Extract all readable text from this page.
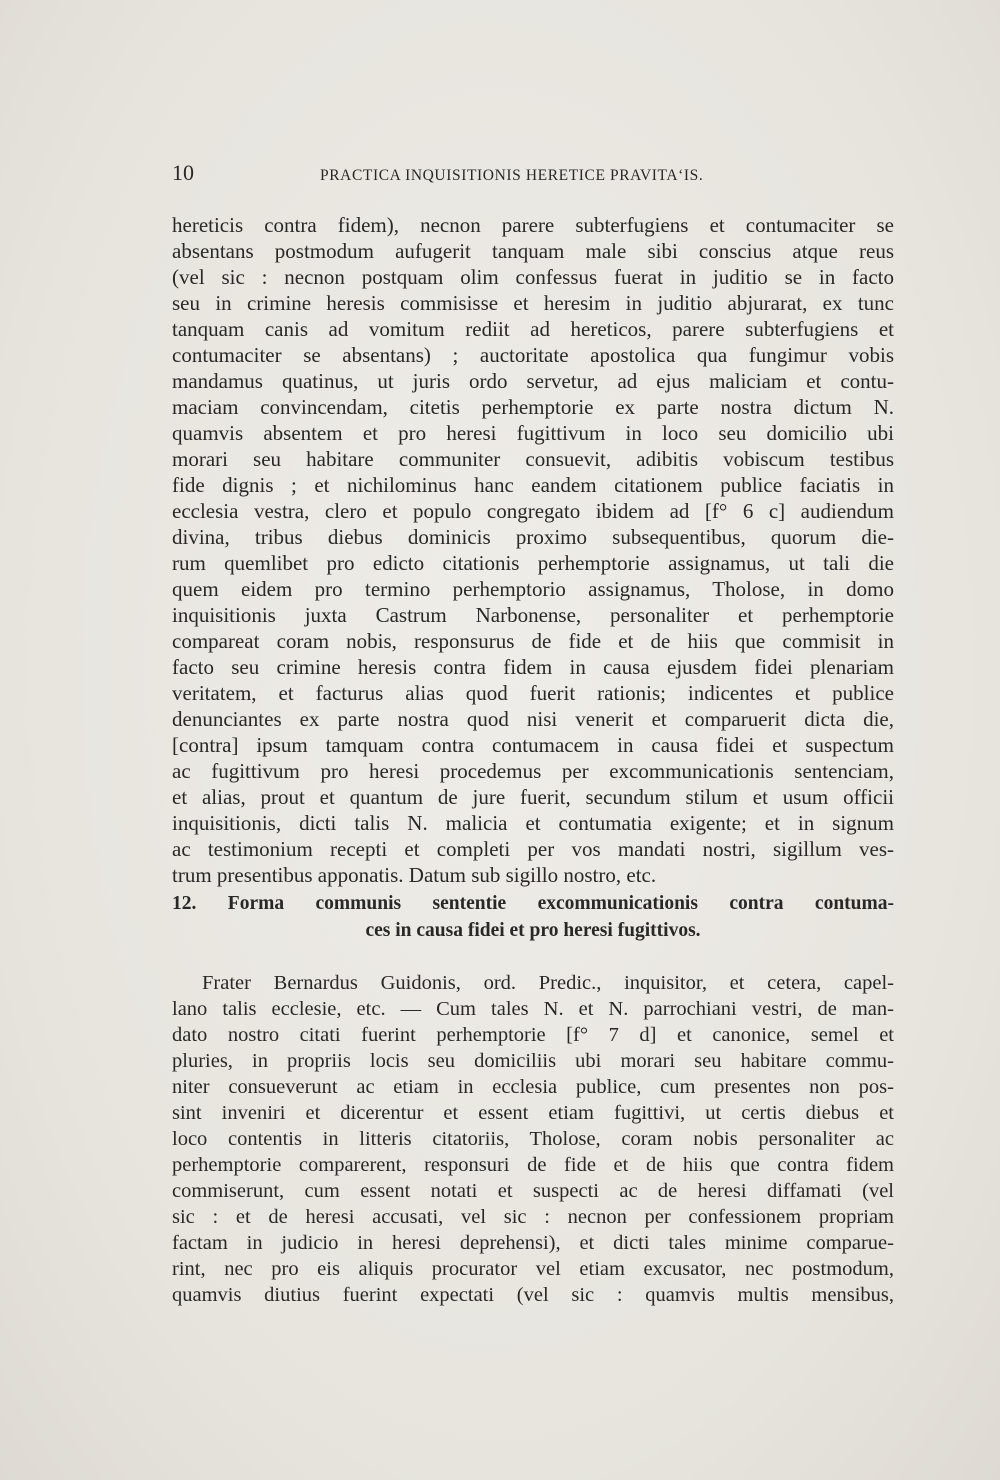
10	PRACTICA INQUISITIONIS HERETICE PRAVITAʻIS.
hereticis contra fidem), necnon parere subterfugiens et contumaciter se
absentans postmodum aufugerit tanquam male sibi conscius atque reus
(vel sic : necnon postquam olim confessus fuerat in juditio se in facto
seu in crimine heresis commisisse et heresim in juditio abjurarat, ex tunc
tanquam canis ad vomitum rediit ad hereticos, parere subterfugiens et
contumaciter se absentans) ; auctoritate apostolica qua fungimur vobis
mandamus quatinus, ut juris ordo servetur, ad ejus maliciam et contu-
maciam convincendam, citetis perhemptorie ex parte nostra dictum N.
quamvis absentem et pro heresi fugittivum in loco seu domicilio ubi
morari seu habitare communiter consuevit, adibitis vobiscum testibus
fide dignis ; et nichilominus hanc eandem citationem publice faciatis in
ecclesia vestra, clero et populo congregato ibidem ad [f° 6 c] audiendum
divina, tribus diebus dominicis proximo subsequentibus, quorum die-
rum quemlibet pro edicto citationis perhemptorie assignamus, ut tali die
quem eidem pro termino perhemptorio assignamus, Tholose, in domo
inquisitionis juxta Castrum Narbonense, personaliter et perhemptorie
compareat coram nobis, responsurus de fide et de hiis que commisit in
facto seu crimine heresis contra fidem in causa ejusdem fidei plenariam
veritatem, et facturus alias quod fuerit rationis; indicentes et publice
denunciantes ex parte nostra quod nisi venerit et comparuerit dicta die,
[contra] ipsum tamquam contra contumacem in causa fidei et suspectum
ac fugittivum pro heresi procedemus per excommunicationis sentenciam,
et alias, prout et quantum de jure fuerit, secundum stilum et usum officii
inquisitionis, dicti talis N. malicia et contumatia exigente; et in signum
ac testimonium recepti et completi per vos mandati nostri, sigillum ves-
trum presentibus apponatis. Datum sub sigillo nostro, etc.
12. Forma communis sententie excommunicationis contra contuma-
ces in causa fidei et pro heresi fugittivos.
Frater Bernardus Guidonis, ord. Predic., inquisitor, et cetera, capel-
lano talis ecclesie, etc. — Cum tales N. et N. parrochiani vestri, de man-
dato nostro citati fuerint perhemptorie [f° 7 d] et canonice, semel et
pluries, in propriis locis seu domiciliis ubi morari seu habitare commu-
niter consueverunt ac etiam in ecclesia publice, cum presentes non pos-
sint inveniri et dicerentur et essent etiam fugittivi, ut certis diebus et
loco contentis in litteris citatoriis, Tholose, coram nobis personaliter ac
perhemptorie comparerent, responsuri de fide et de hiis que contra fidem
commiserunt, cum essent notati et suspecti ac de heresi diffamati (vel
sic : et de heresi accusati, vel sic : necnon per confessionem propriam
factam in judicio in heresi deprehensi), et dicti tales minime comparue-
rint, nec pro eis aliquis procurator vel etiam excusator, nec postmodum,
quamvis diutius fuerint expectati (vel sic : quamvis multis mensibus,
